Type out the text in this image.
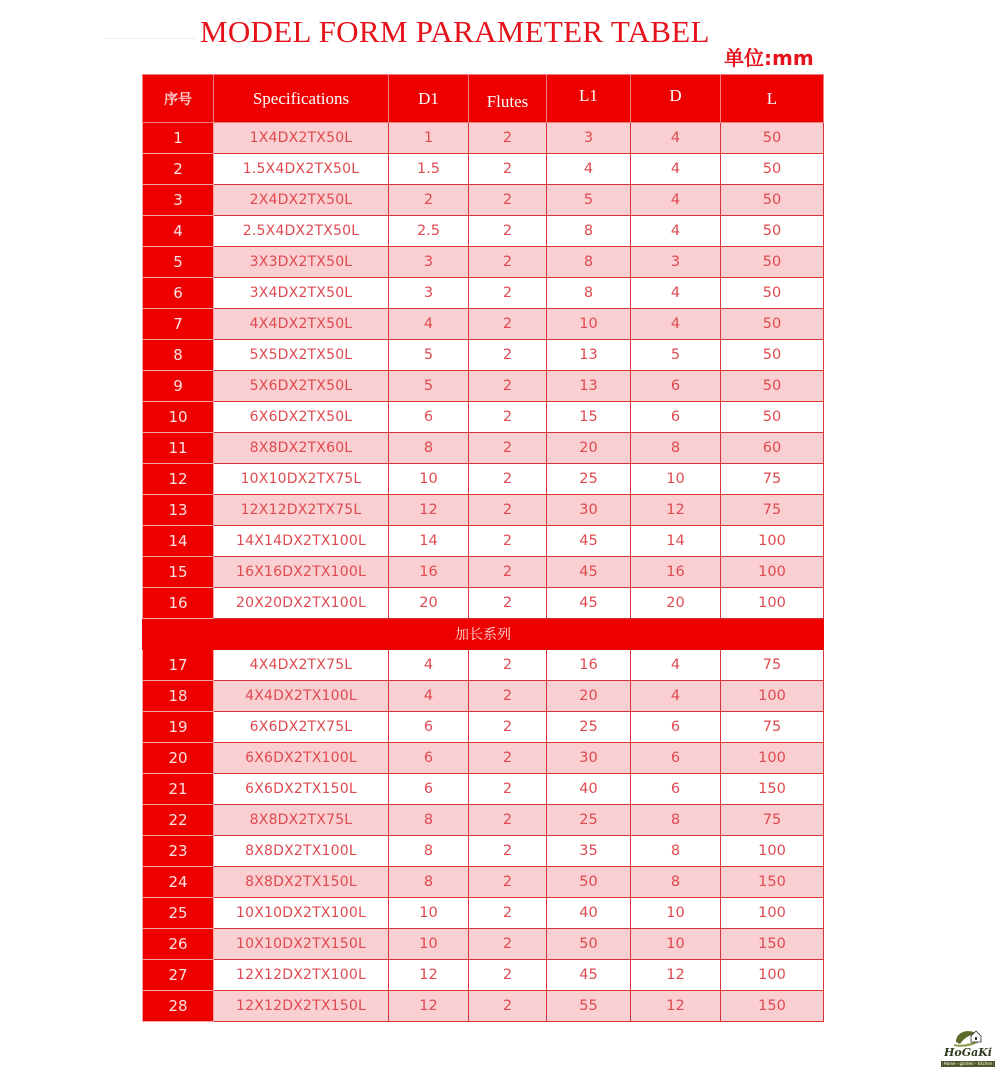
MODEL FORM PARAMETER TABEL
单位:mm
序号	Specifications	D1	Flutes	L1	D	L
1	1X4DX2TX50L	1	2	3	4	50
2	1.5X4DX2TX50L	1.5	2	4	4	50
3	2X4DX2TX50L	2	2	5	4	50
4	2.5X4DX2TX50L	2.5	2	8	4	50
5	3X3DX2TX50L	3	2	8	3	50
6	3X4DX2TX50L	3	2	8	4	50
7	4X4DX2TX50L	4	2	10	4	50
8	5X5DX2TX50L	5	2	13	5	50
9	5X6DX2TX50L	5	2	13	6	50
10	6X6DX2TX50L	6	2	15	6	50
11	8X8DX2TX60L	8	2	20	8	60
12	10X10DX2TX75L	10	2	25	10	75
13	12X12DX2TX75L	12	2	30	12	75
14	14X14DX2TX100L	14	2	45	14	100
15	16X16DX2TX100L	16	2	45	16	100
16	20X20DX2TX100L	20	2	45	20	100
加长系列						
17	4X4DX2TX75L	4	2	16	4	75
18	4X4DX2TX100L	4	2	20	4	100
19	6X6DX2TX75L	6	2	25	6	75
20	6X6DX2TX100L	6	2	30	6	100
21	6X6DX2TX150L	6	2	40	6	150
22	8X8DX2TX75L	8	2	25	8	75
23	8X8DX2TX100L	8	2	35	8	100
24	8X8DX2TX150L	8	2	50	8	150
25	10X10DX2TX100L	10	2	40	10	100
26	10X10DX2TX150L	10	2	50	10	150
27	12X12DX2TX100L	12	2	45	12	100
28	12X12DX2TX150L	12	2	55	12	150
HoGaKi
Home - garden - kitchen
